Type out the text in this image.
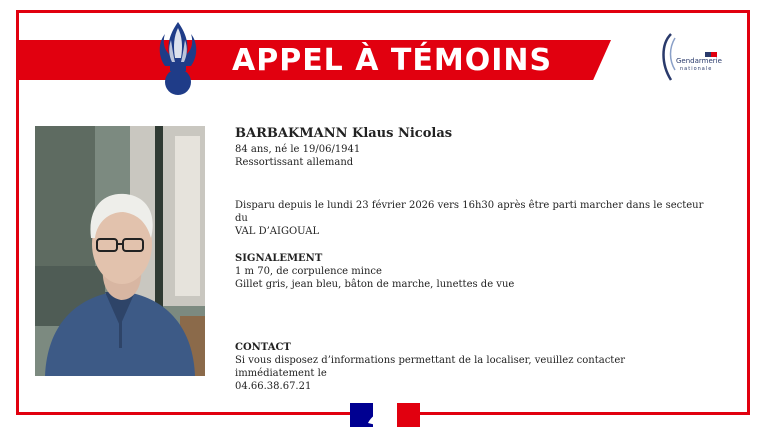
APPEL À TÉMOINS	Gendarmerie
nationale
BARBAKMANN Klaus Nicolas

84 ans, né le 19/06/1941

Ressortissant allemand

Disparu depuis le lundi 23 février 2026 vers 16h30 après être parti marcher dans le secteur du

VAL D’AIGOUAL

SIGNALEMENT

1 m 70, de corpulence mince

Gillet gris, jean bleu, bâton de marche, lunettes de vue

CONTACT

Si vous disposez d’informations permettant de la localiser, veuillez contacter immédiatement le

04.66.38.67.21
